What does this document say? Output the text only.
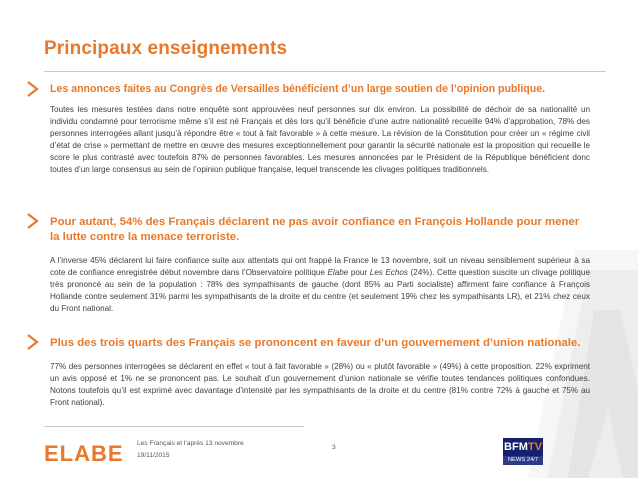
Principaux enseignements
Les annonces faites au Congrès de Versailles bénéficient d’un large soutien de l’opinion publique.
Toutes les mesures testées dans notre enquête sont approuvées neuf personnes sur dix environ. La possibilité de déchoir de sa nationalité un individu condamné pour terrorisme même s’il est né Français et dès lors qu’il bénéficie d’une autre nationalité recueille 94% d’approbation, 78% des personnes interrogées allant jusqu’à répondre être « tout à fait favorable » à cette mesure. La révision de la Constitution pour créer un « régime civil d’état de crise » permettant de mettre en œuvre des mesures exceptionnellement pour garantir la sécurité nationale est la proposition qui recueille le score le plus contrasté avec toutefois 87% de personnes favorables. Les mesures annoncées par le Président de la République bénéficient donc toutes d’un large consensus au sein de l’opinion publique française, lequel transcende les clivages politiques traditionnels.
Pour autant, 54% des Français déclarent ne pas avoir confiance en François Hollande pour mener la lutte contre la menace terroriste.
A l’inverse 45% déclarent lui faire confiance suite aux attentats qui ont frappé la France le 13 novembre, soit un niveau sensiblement supérieur à sa cote de confiance enregistrée début novembre dans l’Observatoire politique Elabe pour Les Echos (24%). Cette question suscite un clivage politique très prononcé au sein de la population : 78% des sympathisants de gauche (dont 85% au Parti socialiste) affirment faire confiance à François Hollande contre seulement 31% parmi les sympathisants de la droite et du centre (et seulement 19% chez les sympathisants LR), et 21% chez ceux du Front national.
Plus des trois quarts des Français se prononcent en faveur d’un gouvernement d’union nationale.
77% des personnes interrogées se déclarent en effet « tout à fait favorable » (28%) ou « plutôt favorable » (49%) à cette proposition. 22% expriment un avis opposé et 1% ne se prononcent pas. Le souhait d’un gouvernement d’union nationale se vérifie toutes tendances politiques confondues. Notons toutefois qu’il est exprimé avec davantage d’intensité par les sympathisants de la droite et du centre (81% contre 72% à gauche et 75% au Front national).
ELABE Les Français et l’après 13 novembre
19/11/2015
3	BFMTV
NEWS 24/7
